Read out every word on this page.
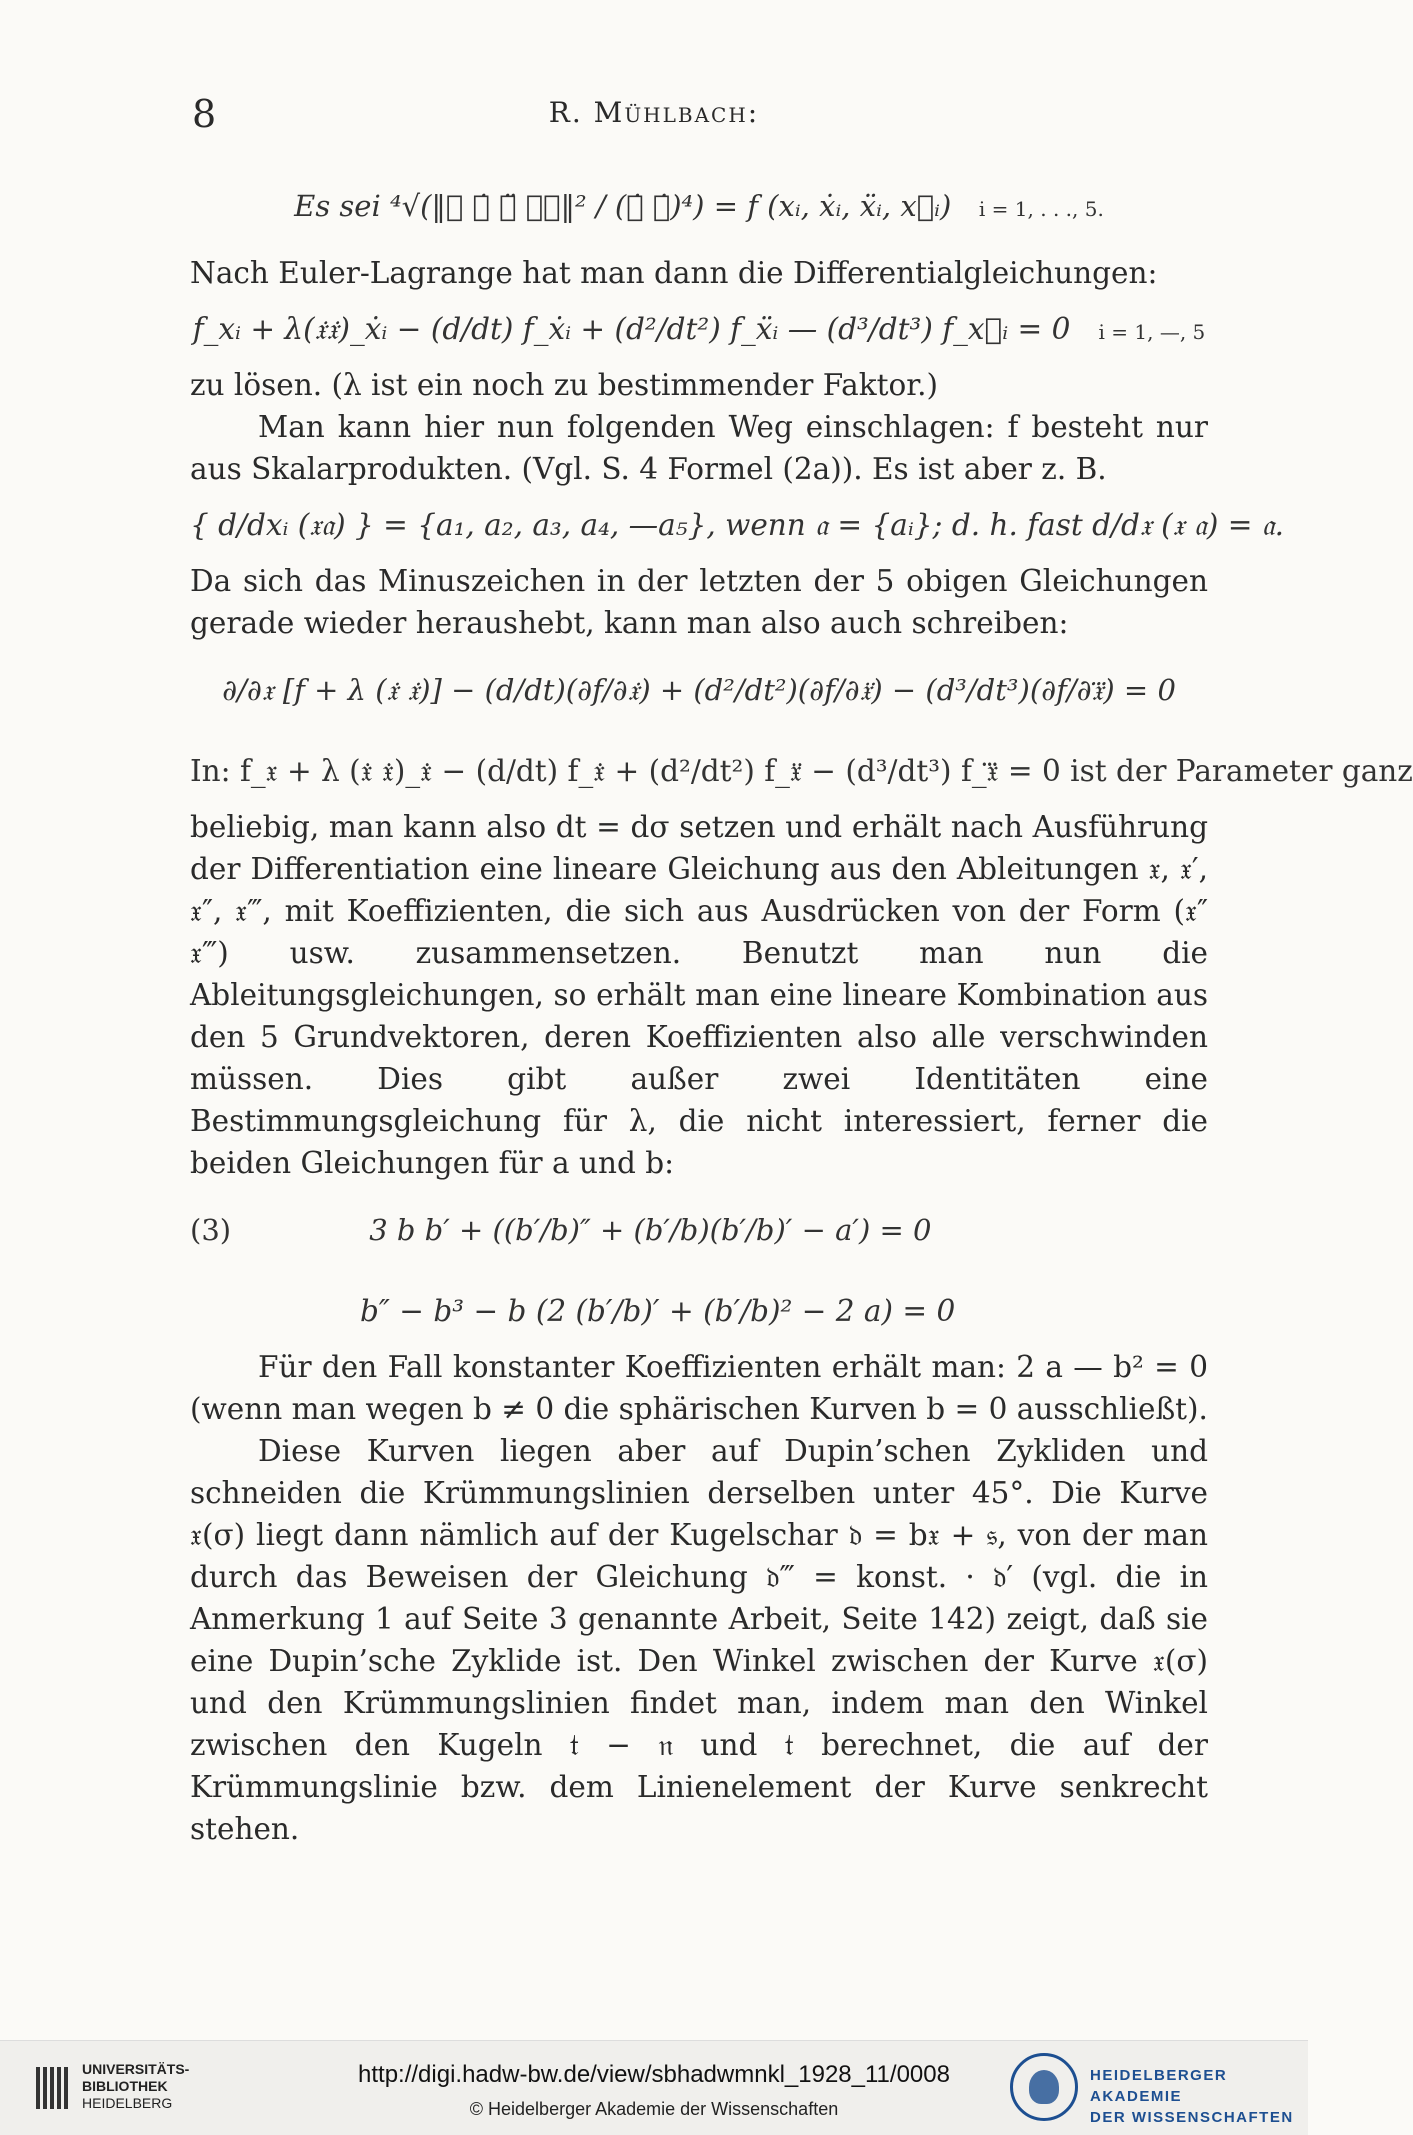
8	R. Mühlbach:
Es sei ⁴√(‖𝔵 𝔵̇ 𝔵̈ 𝔵⃛‖² / (𝔵̇ 𝔵̇)⁴) = f (xᵢ, ẋᵢ, ẍᵢ, x⃛ᵢ) i = 1, . . ., 5.

Nach Euler-Lagrange hat man dann die Differentialgleichungen:

f_xᵢ + λ(𝔵̇𝔵̇)_ẋᵢ − (d/dt) f_ẋᵢ + (d²/dt²) f_ẍᵢ — (d³/dt³) f_x⃛ᵢ = 0 i = 1, —, 5

zu lösen. (λ ist ein noch zu bestimmender Faktor.)

Man kann hier nun folgenden Weg einschlagen: f besteht nur aus Skalarprodukten. (Vgl. S. 4 Formel (2a)). Es ist aber z. B.

{ d/dxᵢ (𝔵𝔞) } = {a₁, a₂, a₃, a₄, —a₅}, wenn 𝔞 = {aᵢ}; d. h. fast d/d𝔵 (𝔵 𝔞) = 𝔞.

Da sich das Minuszeichen in der letzten der 5 obigen Gleichungen gerade wieder heraushebt, kann man also auch schreiben:

∂/∂𝔵 [f + λ (𝔵̇ 𝔵̇)] − (d/dt)(∂f/∂𝔵̇) + (d²/dt²)(∂f/∂𝔵̈) − (d³/dt³)(∂f/∂𝔵⃛) = 0
In: f_𝔵 + λ (𝔵̇ 𝔵̇)_𝔵̇ − (d/dt) f_𝔵̇ + (d²/dt²) f_𝔵̈ − (d³/dt³) f_𝔵⃛ = 0 ist der Parameter ganz

beliebig, man kann also dt = dσ setzen und erhält nach Ausführung der Differentiation eine lineare Gleichung aus den Ableitungen 𝔵, 𝔵′, 𝔵″, 𝔵‴, mit Koeffizienten, die sich aus Ausdrücken von der Form (𝔵″ 𝔵‴) usw. zusammensetzen. Benutzt man nun die Ableitungsgleichungen, so erhält man eine lineare Kombination aus den 5 Grundvektoren, deren Koeffizienten also alle verschwinden müssen. Dies gibt außer zwei Identitäten eine Bestimmungsgleichung für λ, die nicht interessiert, ferner die beiden Gleichungen für a und b:

(3)	3 b b′ + ((b′/b)″ + (b′/b)(b′/b)′ − a′) = 0
b″ − b³ − b (2 (b′/b)′ + (b′/b)² − 2 a) = 0

Für den Fall konstanter Koeffizienten erhält man: 2 a — b² = 0 (wenn man wegen b ≠ 0 die sphärischen Kurven b = 0 ausschließt).

Diese Kurven liegen aber auf Dupin’schen Zykliden und schneiden die Krümmungslinien derselben unter 45°. Die Kurve 𝔵(σ) liegt dann nämlich auf der Kugelschar 𝔡 = b𝔵 + 𝔰, von der man durch das Beweisen der Gleichung 𝔡‴ = konst. · 𝔡′ (vgl. die in Anmerkung 1 auf Seite 3 genannte Arbeit, Seite 142) zeigt, daß sie eine Dupin’sche Zyklide ist. Den Winkel zwischen der Kurve 𝔵(σ) und den Krümmungslinien findet man, indem man den Winkel zwischen den Kugeln 𝔱 − 𝔫 und 𝔱 berechnet, die auf der Krümmungslinie bzw. dem Linienelement der Kurve senkrecht stehen.

UNIVERSITÄTS-
BIBLIOTHEK
HEIDELBERG
http://digi.hadw-bw.de/view/sbhadwmnkl_1928_11/0008
© Heidelberger Akademie der Wissenschaften
HEIDELBERGER AKADEMIE
DER WISSENSCHAFTEN
